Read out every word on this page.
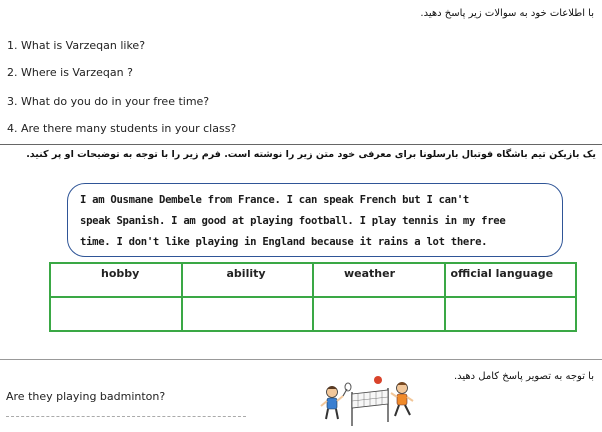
با اطلاعات خود به سوالات زیر پاسخ دهید.
1. What is Varzeqan like?
2. Where is Varzeqan ?
3. What do you do in your free time?
4. Are there many students in your class?
یک بازیکن تیم باشگاه فوتبال بارسلونا برای معرفی خود متن زیر را نوشته است. فرم زیر را با توجه به توضیحات او پر کنید.

I am Ousmane Dembele from France. I can speak French but I can't

speak Spanish. I am good at playing football. I play tennis in my free

time. I don't like playing in England because it rains a lot there.

hobby	ability	weather	official language

با توجه به تصویر پاسخ کامل دهید.
Are they playing badminton?
